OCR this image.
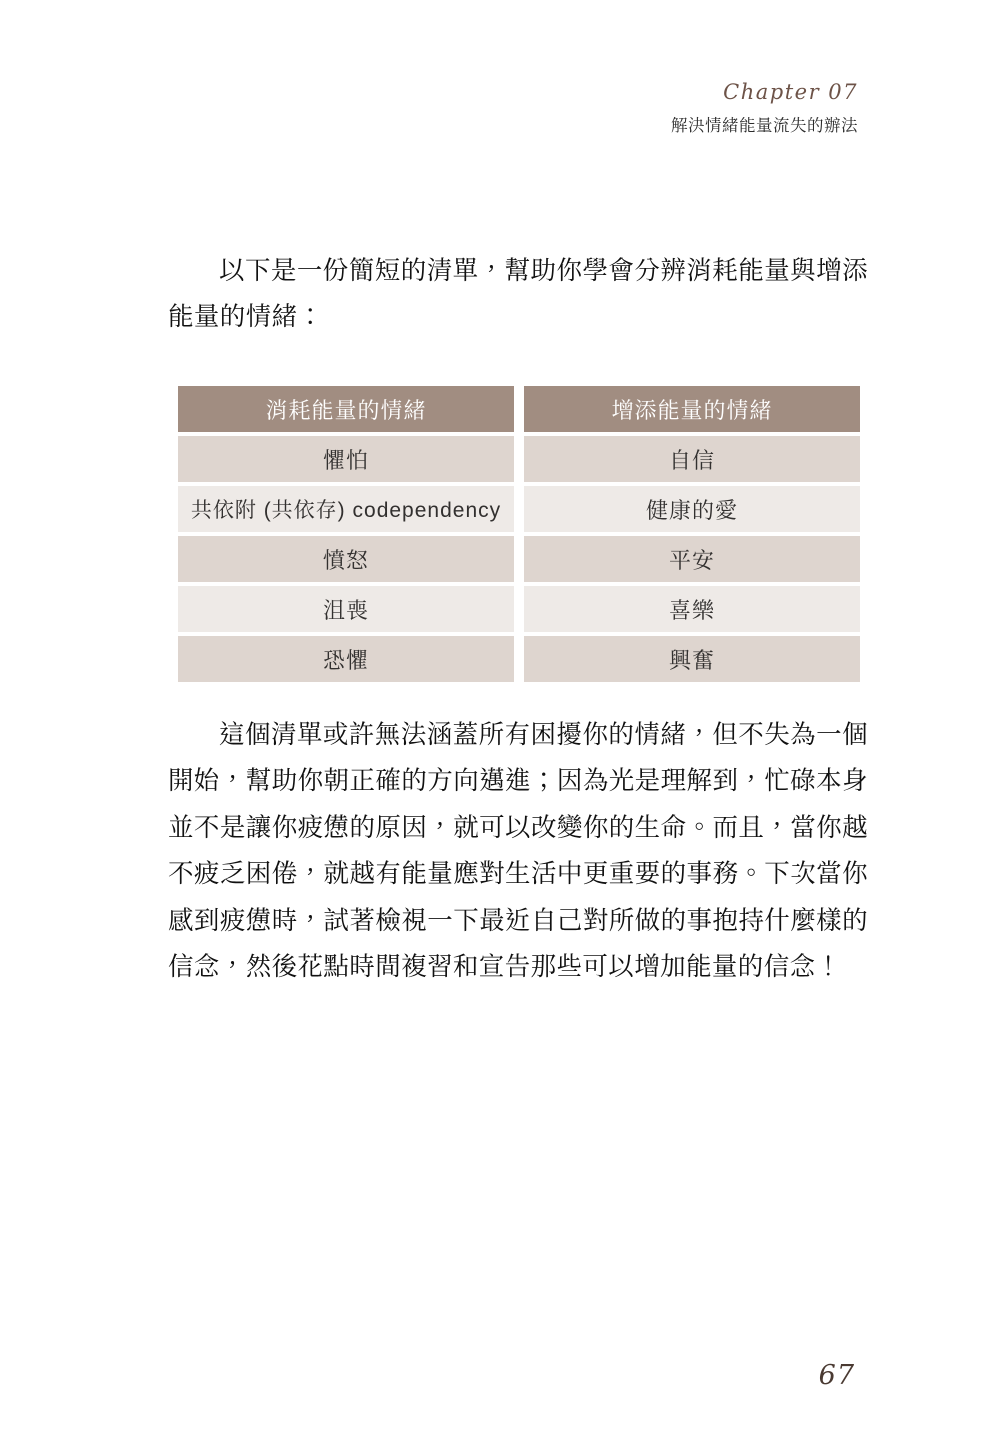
Chapter 07
解決情緒能量流失的辦法

以下是一份簡短的清單，幫助你學會分辨消耗能量與增添能量的情緒：

消耗能量的情緒	增添能量的情緒
懼怕	自信
共依附 (共依存) codependency	健康的愛
憤怒	平安
沮喪	喜樂
恐懼	興奮

這個清單或許無法涵蓋所有困擾你的情緒，但不失為一個開始，幫助你朝正確的方向邁進；因為光是理解到，忙碌本身並不是讓你疲憊的原因，就可以改變你的生命。而且，當你越不疲乏困倦，就越有能量應對生活中更重要的事務。下次當你感到疲憊時，試著檢視一下最近自己對所做的事抱持什麼樣的信念，然後花點時間複習和宣告那些可以增加能量的信念！

67
